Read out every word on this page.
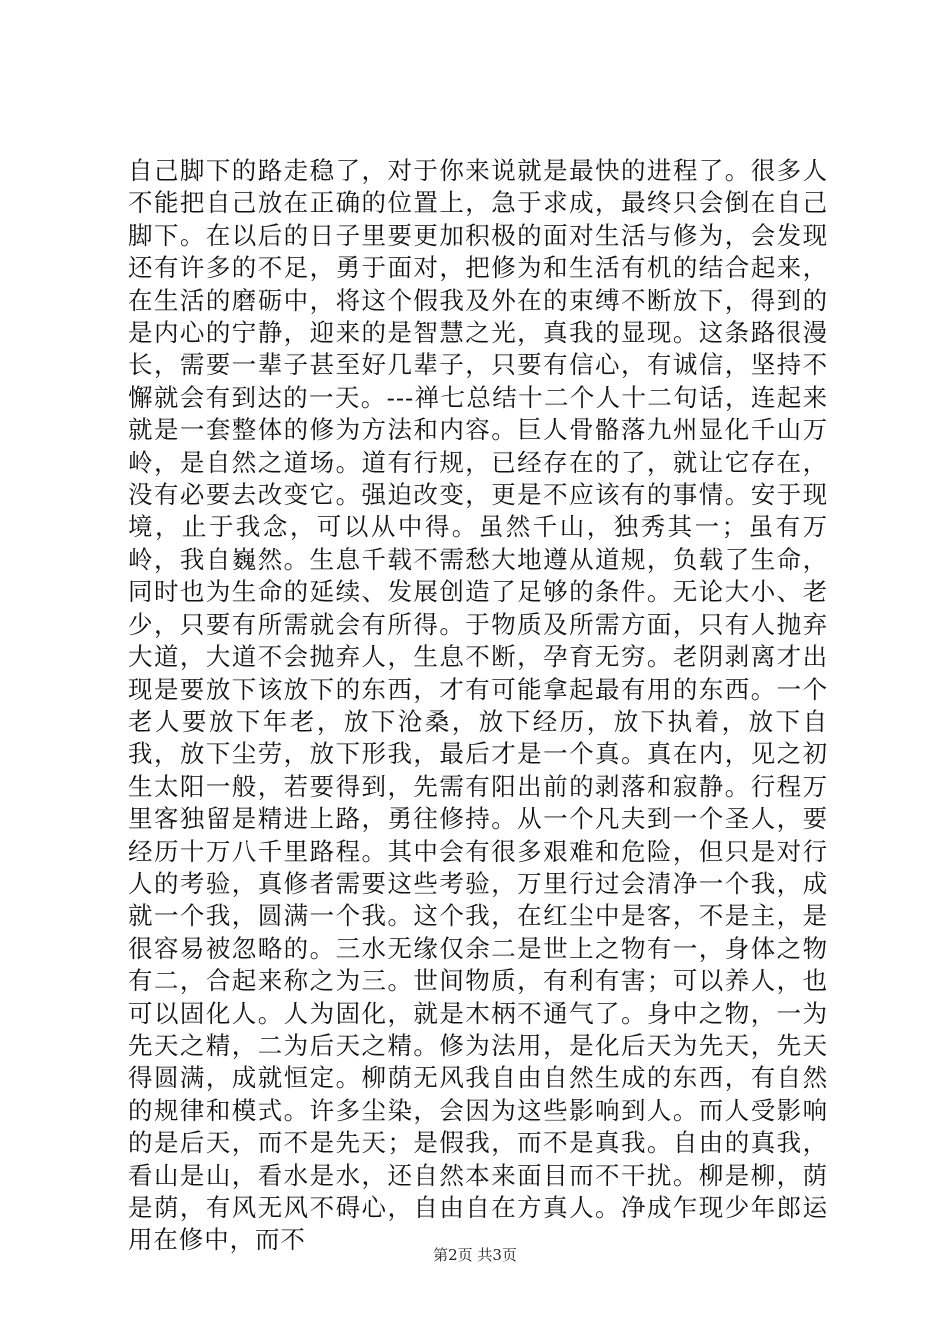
自己脚下的路走稳了，对于你来说就是最快的进程了。很多人不能把自己放在正确的位置上，急于求成，最终只会倒在自己脚下。在以后的日子里要更加积极的面对生活与修为，会发现还有许多的不足，勇于面对，把修为和生活有机的结合起来，在生活的磨砺中，将这个假我及外在的束缚不断放下，得到的是内心的宁静，迎来的是智慧之光，真我的显现。这条路很漫长，需要一辈子甚至好几辈子，只要有信心，有诚信，坚持不懈就会有到达的一天。---禅七总结十二个人十二句话，连起来就是一套整体的修为方法和内容。巨人骨骼落九州显化千山万岭，是自然之道场。道有行规，已经存在的了，就让它存在，没有必要去改变它。强迫改变，更是不应该有的事情。安于现境，止于我念，可以从中得。虽然千山，独秀其一；虽有万岭，我自巍然。生息千载不需愁大地遵从道规，负载了生命，同时也为生命的延续、发展创造了足够的条件。无论大小、老少，只要有所需就会有所得。于物质及所需方面，只有人抛弃大道，大道不会抛弃人，生息不断，孕育无穷。老阴剥离才出现是要放下该放下的东西，才有可能拿起最有用的东西。一个老人要放下年老，放下沧桑，放下经历，放下执着，放下自我，放下尘劳，放下形我，最后才是一个真。真在内，见之初生太阳一般，若要得到，先需有阳出前的剥落和寂静。行程万里客独留是精进上路，勇往修持。从一个凡夫到一个圣人，要经历十万八千里路程。其中会有很多艰难和危险，但只是对行人的考验，真修者需要这些考验，万里行过会清净一个我，成就一个我，圆满一个我。这个我，在红尘中是客，不是主，是很容易被忽略的。三水无缘仅余二是世上之物有一，身体之物有二，合起来称之为三。世间物质，有利有害；可以养人，也可以固化人。人为固化，就是木柄不通气了。身中之物，一为先天之精，二为后天之精。修为法用，是化后天为先天，先天得圆满，成就恒定。柳荫无风我自由自然生成的东西，有自然的规律和模式。许多尘染，会因为这些影响到人。而人受影响的是后天，而不是先天；是假我，而不是真我。自由的真我，看山是山，看水是水，还自然本来面目而不干扰。柳是柳，荫是荫，有风无风不碍心，自由自在方真人。净成乍现少年郎运用在修中，而不

第2页 共3页
